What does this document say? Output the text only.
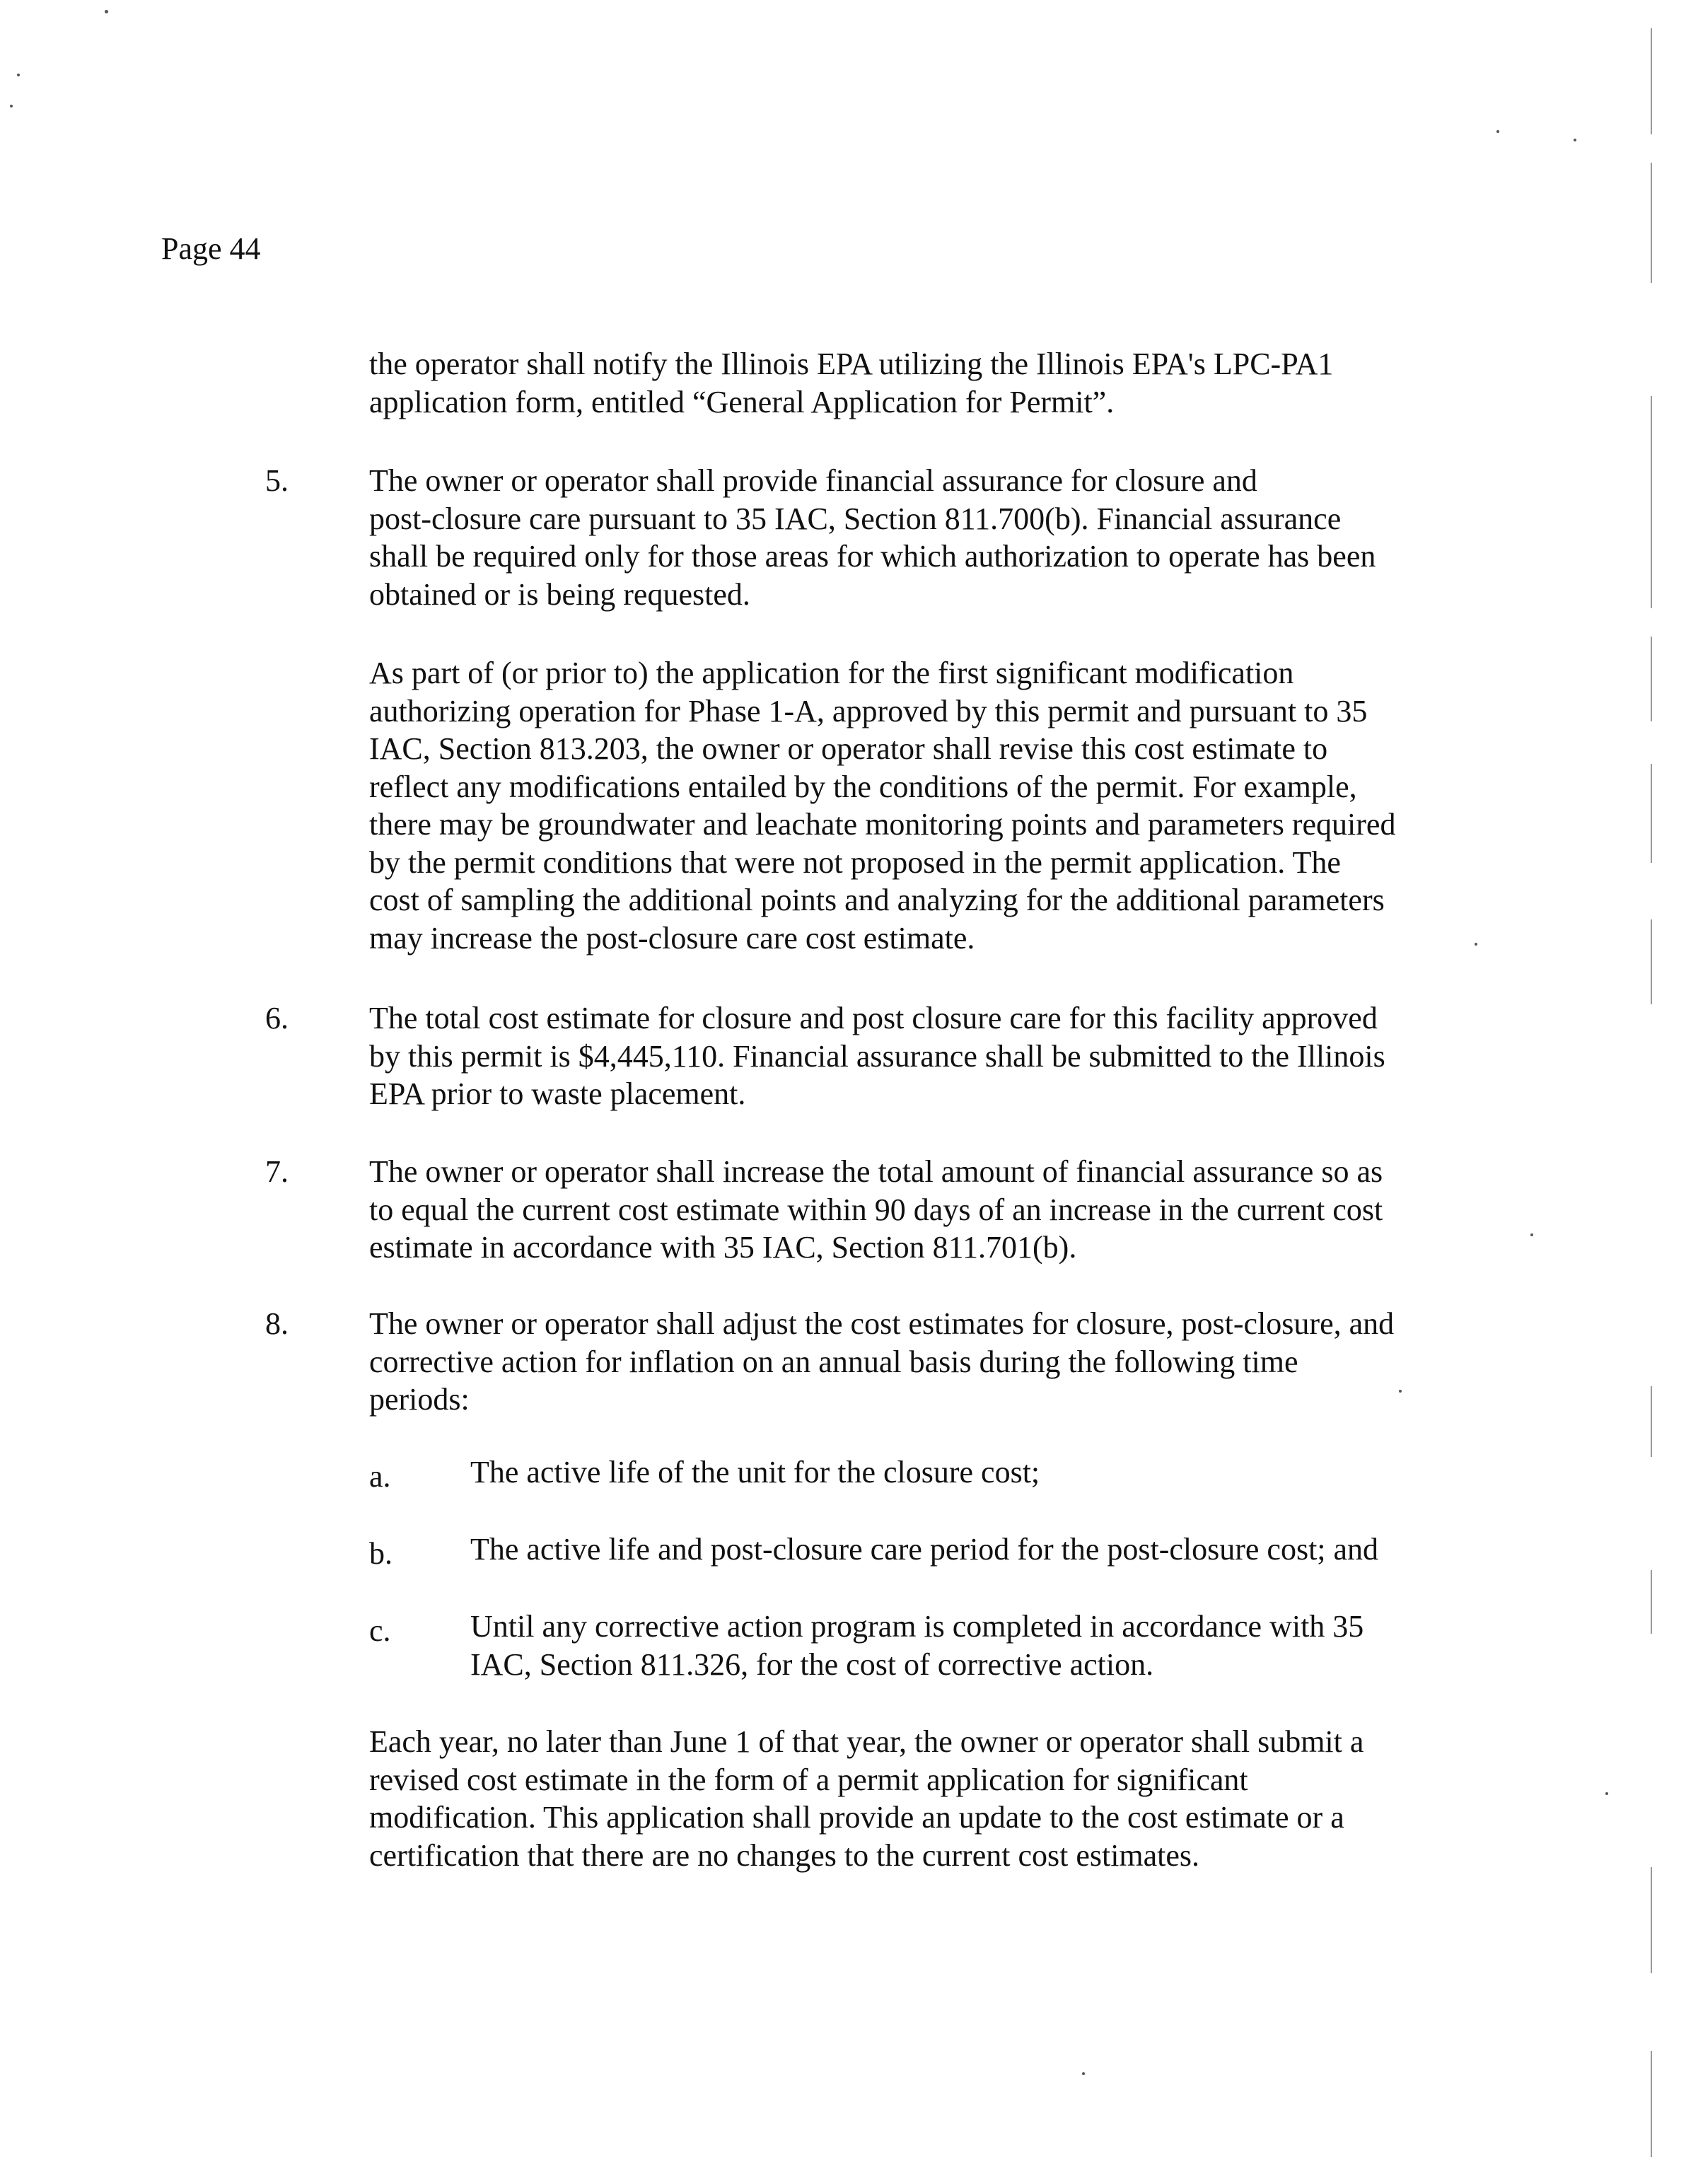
Page 44

the operator shall notify the Illinois EPA utilizing the Illinois EPA's LPC-PA1
application form, entitled “General Application for Permit”.

5.	The owner or operator shall provide financial assurance for closure and
post-closure care pursuant to 35 IAC, Section 811.700(b). Financial assurance
shall be required only for those areas for which authorization to operate has been
obtained or is being requested.

As part of (or prior to) the application for the first significant modification
authorizing operation for Phase 1-A, approved by this permit and pursuant to 35
IAC, Section 813.203, the owner or operator shall revise this cost estimate to
reflect any modifications entailed by the conditions of the permit. For example,
there may be groundwater and leachate monitoring points and parameters required
by the permit conditions that were not proposed in the permit application. The
cost of sampling the additional points and analyzing for the additional parameters
may increase the post-closure care cost estimate.

6.	The total cost estimate for closure and post closure care for this facility approved
by this permit is $4,445,110. Financial assurance shall be submitted to the Illinois
EPA prior to waste placement.

7.	The owner or operator shall increase the total amount of financial assurance so as
to equal the current cost estimate within 90 days of an increase in the current cost
estimate in accordance with 35 IAC, Section 811.701(b).

8.	The owner or operator shall adjust the cost estimates for closure, post-closure, and
corrective action for inflation on an annual basis during the following time
periods:

a.	The active life of the unit for the closure cost;

b.	The active life and post-closure care period for the post-closure cost; and

c.	Until any corrective action program is completed in accordance with 35
IAC, Section 811.326, for the cost of corrective action.

Each year, no later than June 1 of that year, the owner or operator shall submit a
revised cost estimate in the form of a permit application for significant
modification. This application shall provide an update to the cost estimate or a
certification that there are no changes to the current cost estimates.
